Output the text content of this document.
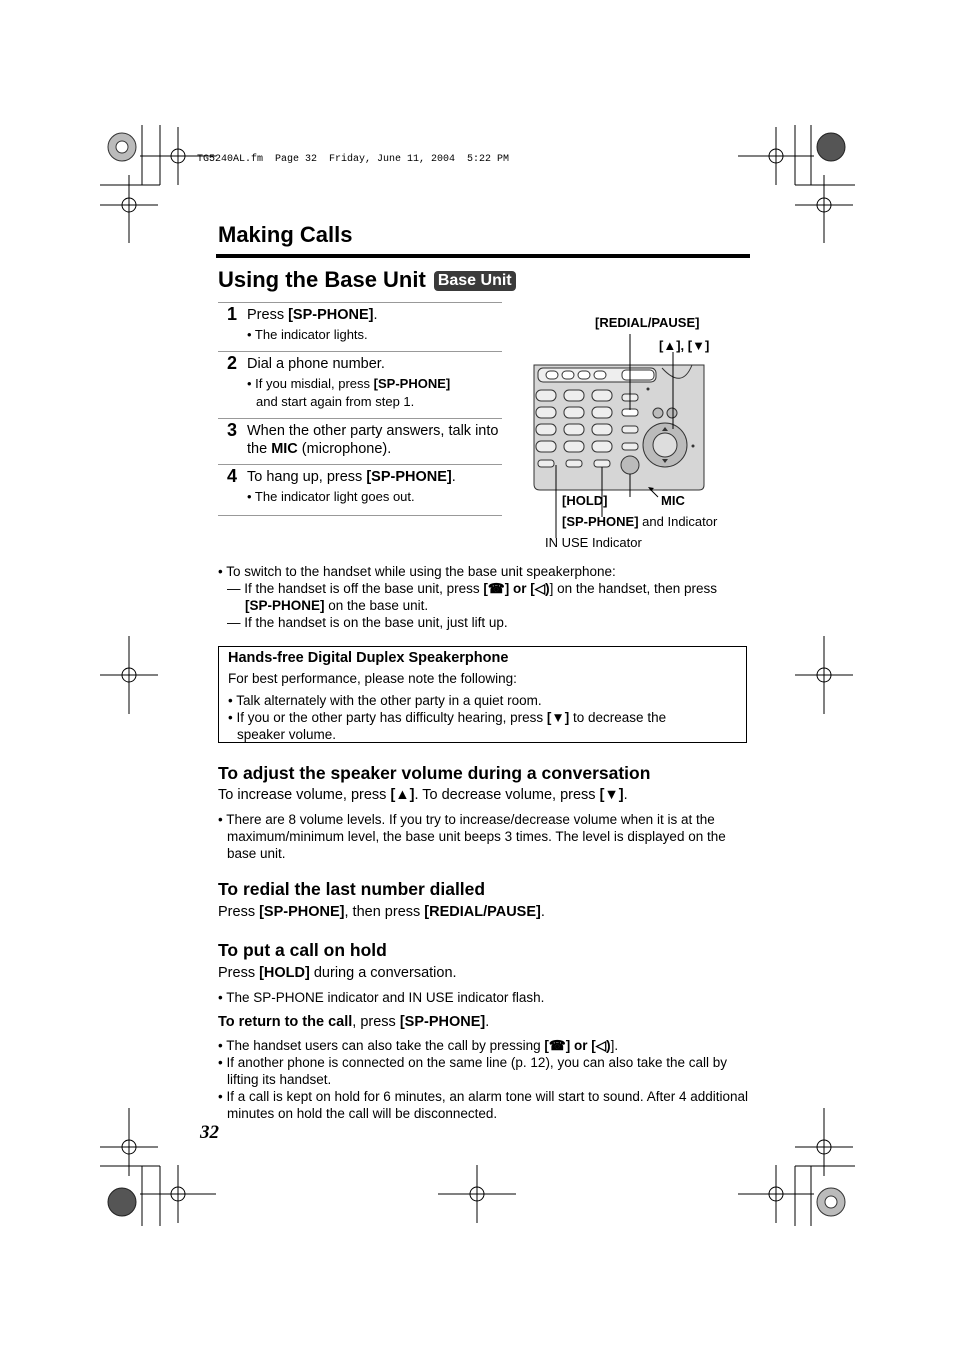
TG5240AL.fm  Page 32  Friday, June 11, 2004  5:22 PM
Making Calls
Using the Base Unit Base Unit
1 Press [SP-PHONE].
• The indicator lights.
2 Dial a phone number.
• If you misdial, press [SP-PHONE]
and start again from step 1.
3 When the other party answers, talk into the MIC (microphone).
4 To hang up, press [SP-PHONE].
• The indicator light goes out.
[REDIAL/PAUSE]
[▲], [▼]
[HOLD]	MIC
[SP-PHONE] and Indicator
IN USE Indicator

• To switch to the handset while using the base unit speakerphone:

— If the handset is off the base unit, press [☎] or [◁)] on the handset, then press

[SP-PHONE] on the base unit.

— If the handset is on the base unit, just lift up.

Hands-free Digital Duplex Speakerphone
For best performance, please note the following:
• Talk alternately with the other party in a quiet room.
• If you or the other party has difficulty hearing, press [▼] to decrease the
speaker volume.
To adjust the speaker volume during a conversation
To increase volume, press [▲]. To decrease volume, press [▼].
• There are 8 volume levels. If you try to increase/decrease volume when it is at the maximum/minimum level, the base unit beeps 3 times. The level is displayed on the base unit.
To redial the last number dialled
Press [SP-PHONE], then press [REDIAL/PAUSE].
To put a call on hold
Press [HOLD] during a conversation.
• The SP-PHONE indicator and IN USE indicator flash.
To return to the call, press [SP-PHONE].
• The handset users can also take the call by pressing [☎] or [◁)].
• If another phone is connected on the same line (p. 12), you can also take the call by lifting its handset.
• If a call is kept on hold for 6 minutes, an alarm tone will start to sound. After 4 additional minutes on hold the call will be disconnected.
32
